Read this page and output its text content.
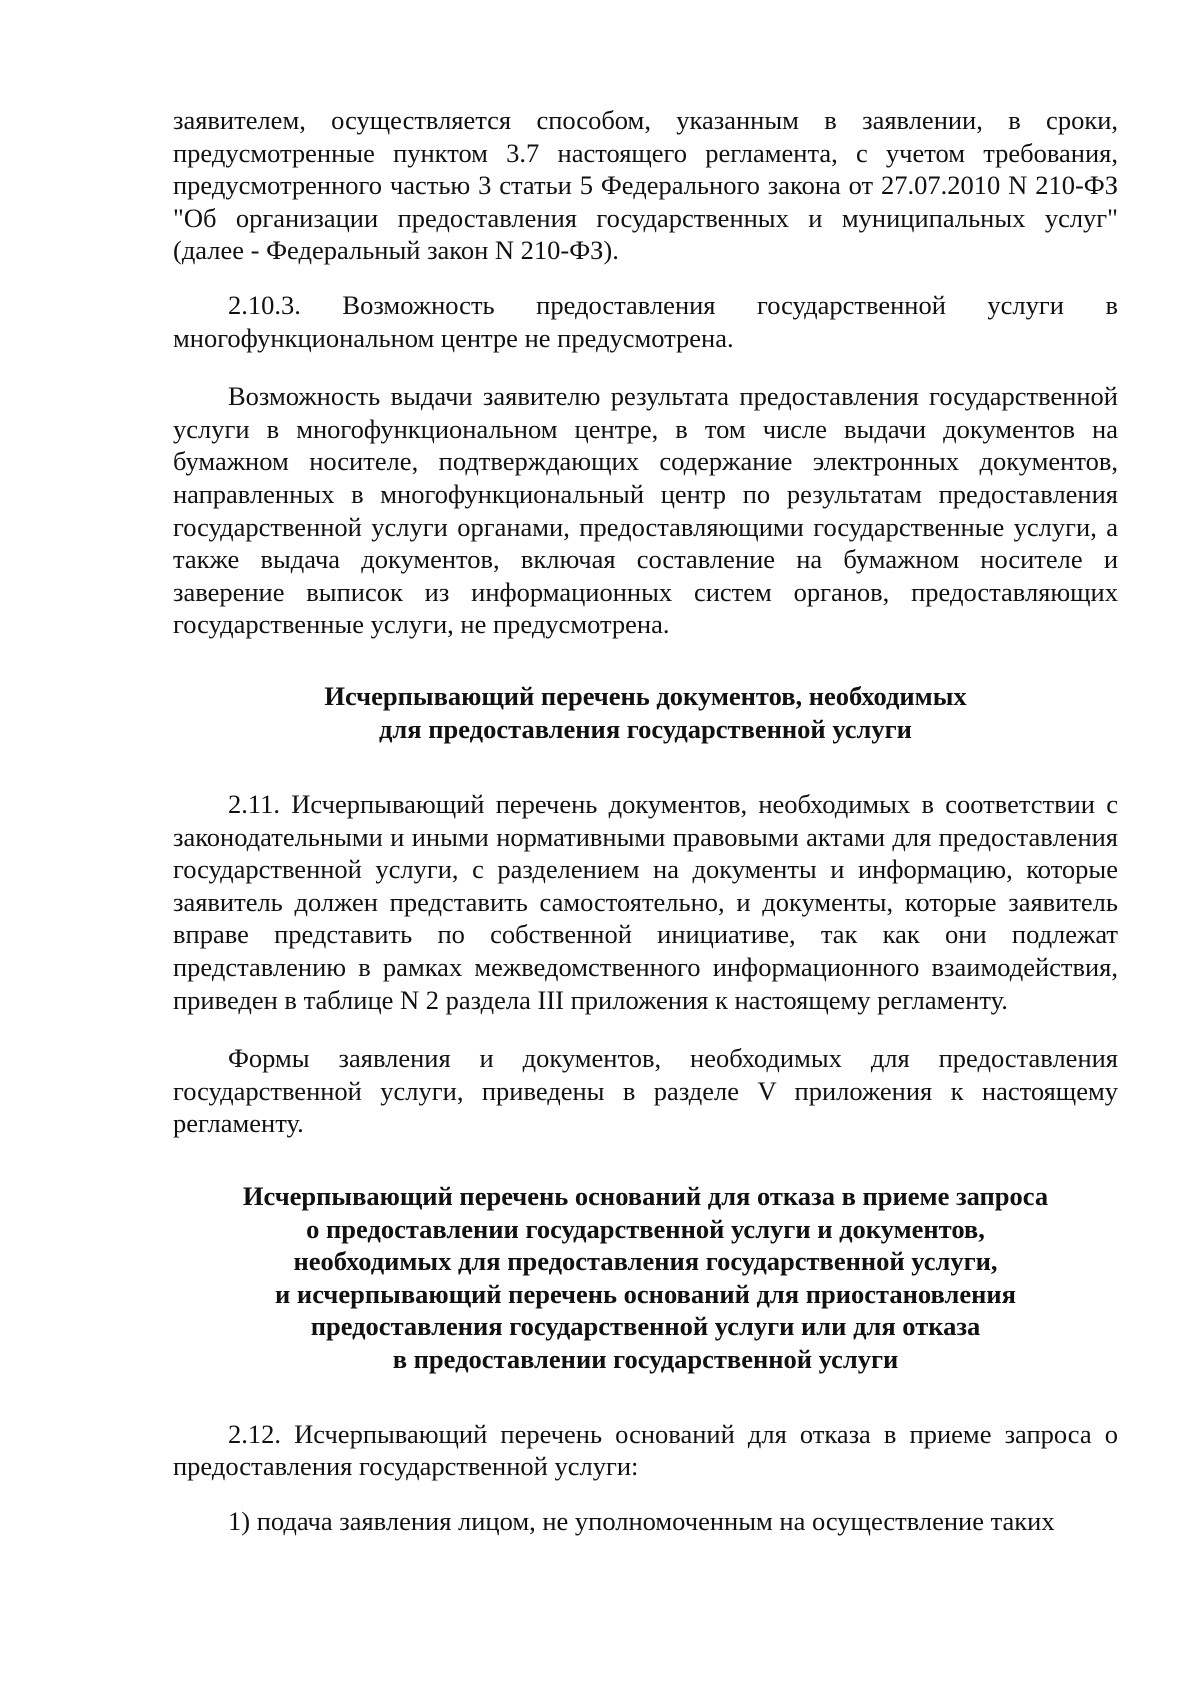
заявителем, осуществляется способом, указанным в заявлении, в сроки, предусмотренные пунктом 3.7 настоящего регламента, с учетом требования, предусмотренного частью 3 статьи 5 Федерального закона от 27.07.2010 N 210-ФЗ "Об организации предоставления государственных и муниципальных услуг" (далее - Федеральный закон N 210-ФЗ).

2.10.3. Возможность предоставления государственной услуги в многофункциональном центре не предусмотрена.

Возможность выдачи заявителю результата предоставления государственной услуги в многофункциональном центре, в том числе выдачи документов на бумажном носителе, подтверждающих содержание электронных документов, направленных в многофункциональный центр по результатам предоставления государственной услуги органами, предоставляющими государственные услуги, а также выдача документов, включая составление на бумажном носителе и заверение выписок из информационных систем органов, предоставляющих государственные услуги, не предусмотрена.

Исчерпывающий перечень документов, необходимых
для предоставления государственной услуги

2.11. Исчерпывающий перечень документов, необходимых в соответствии с законодательными и иными нормативными правовыми актами для предоставления государственной услуги, с разделением на документы и информацию, которые заявитель должен представить самостоятельно, и документы, которые заявитель вправе представить по собственной инициативе, так как они подлежат представлению в рамках межведомственного информационного взаимодействия, приведен в таблице N 2 раздела III приложения к настоящему регламенту.

Формы заявления и документов, необходимых для предоставления государственной услуги, приведены в разделе V приложения к настоящему регламенту.

Исчерпывающий перечень оснований для отказа в приеме запроса
о предоставлении государственной услуги и документов,
необходимых для предоставления государственной услуги,
и исчерпывающий перечень оснований для приостановления
предоставления государственной услуги или для отказа
в предоставлении государственной услуги

2.12. Исчерпывающий перечень оснований для отказа в приеме запроса о предоставления государственной услуги:

1) подача заявления лицом, не уполномоченным на осуществление таких
